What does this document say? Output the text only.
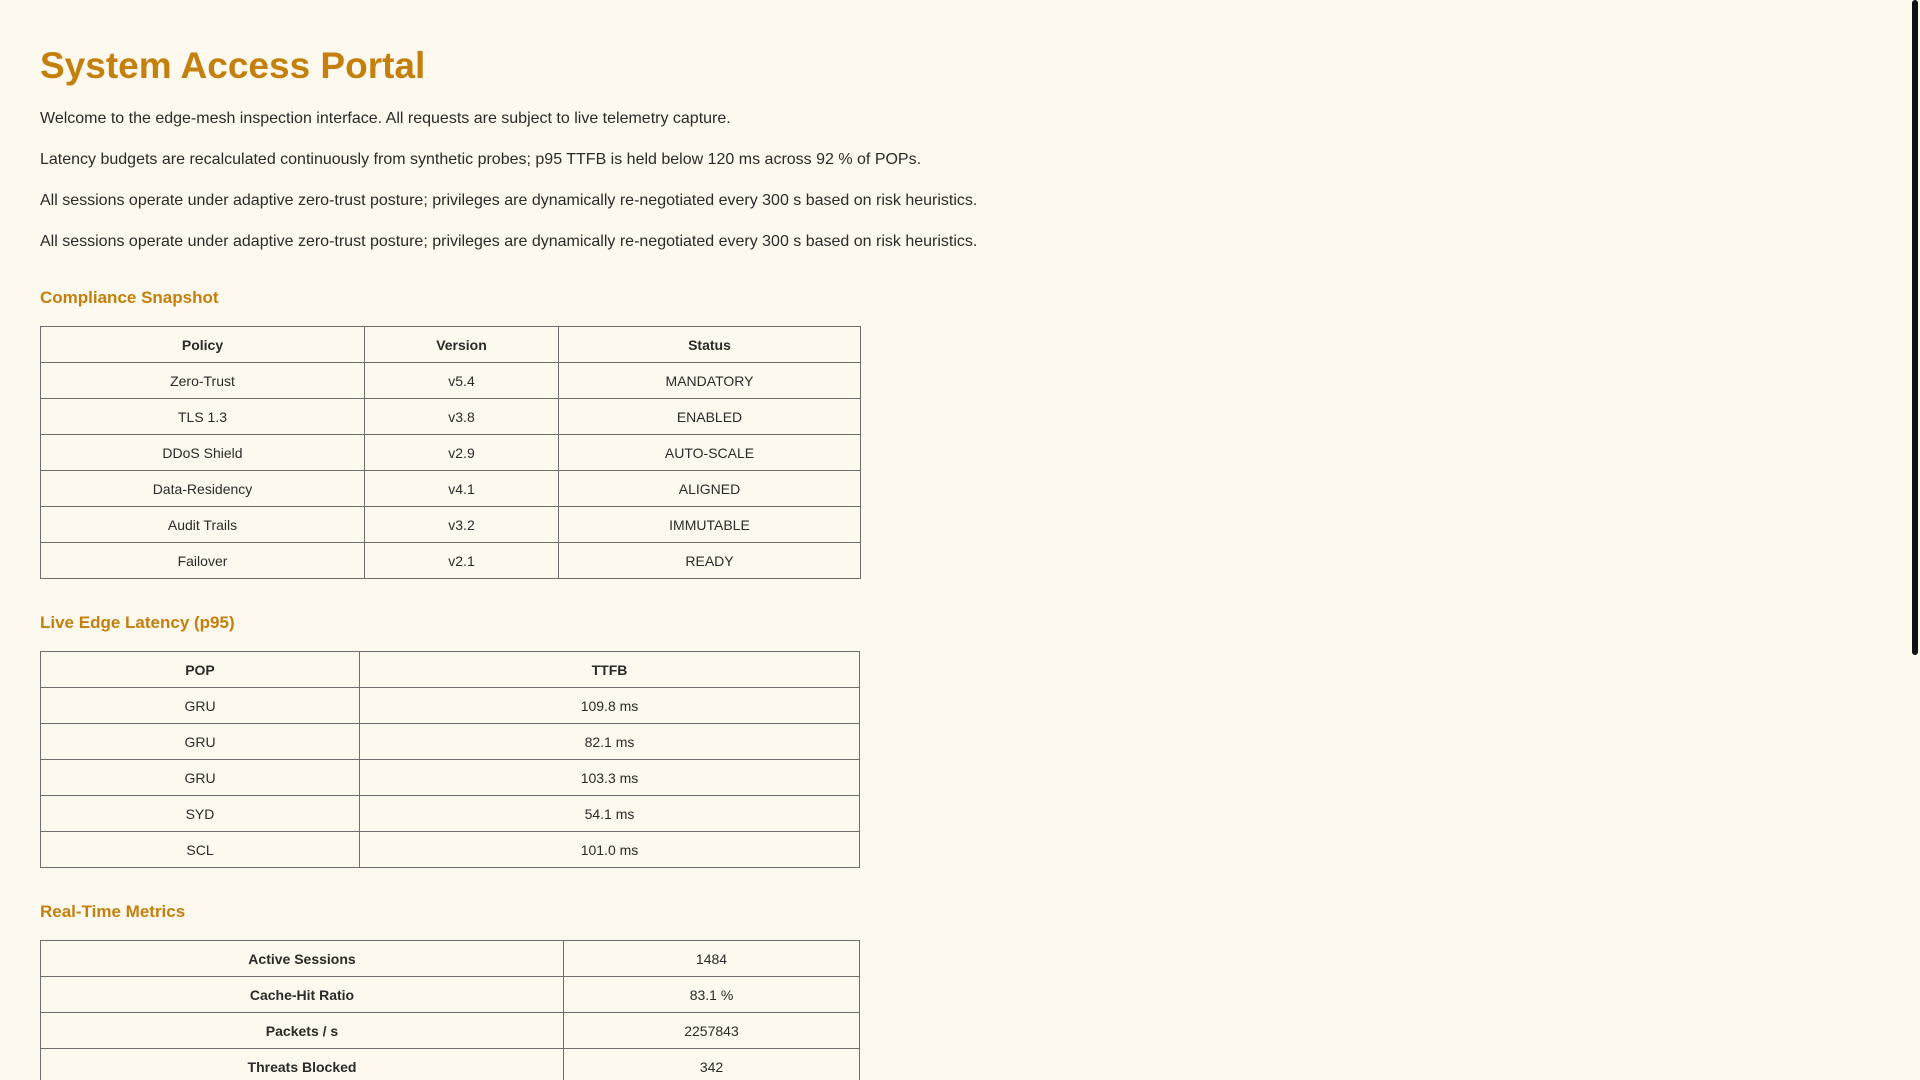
System Access Portal

Welcome to the edge-mesh inspection interface. All requests are subject to live telemetry capture.

Latency budgets are recalculated continuously from synthetic probes; p95 TTFB is held below 120 ms across 92 % of POPs.

All sessions operate under adaptive zero-trust posture; privileges are dynamically re-negotiated every 300 s based on risk heuristics.

All sessions operate under adaptive zero-trust posture; privileges are dynamically re-negotiated every 300 s based on risk heuristics.

Compliance Snapshot
Policy	Version	Status
Zero-Trust	v5.4	MANDATORY
TLS 1.3	v3.8	ENABLED
DDoS Shield	v2.9	AUTO-SCALE
Data-Residency	v4.1	ALIGNED
Audit Trails	v3.2	IMMUTABLE
Failover	v2.1	READY
Live Edge Latency (p95)
POP	TTFB
GRU	109.8 ms
GRU	82.1 ms
GRU	103.3 ms
SYD	54.1 ms
SCL	101.0 ms
Real-Time Metrics
Active Sessions	1484
Cache-Hit Ratio	83.1 %
Packets / s	2257843
Threats Blocked	342
